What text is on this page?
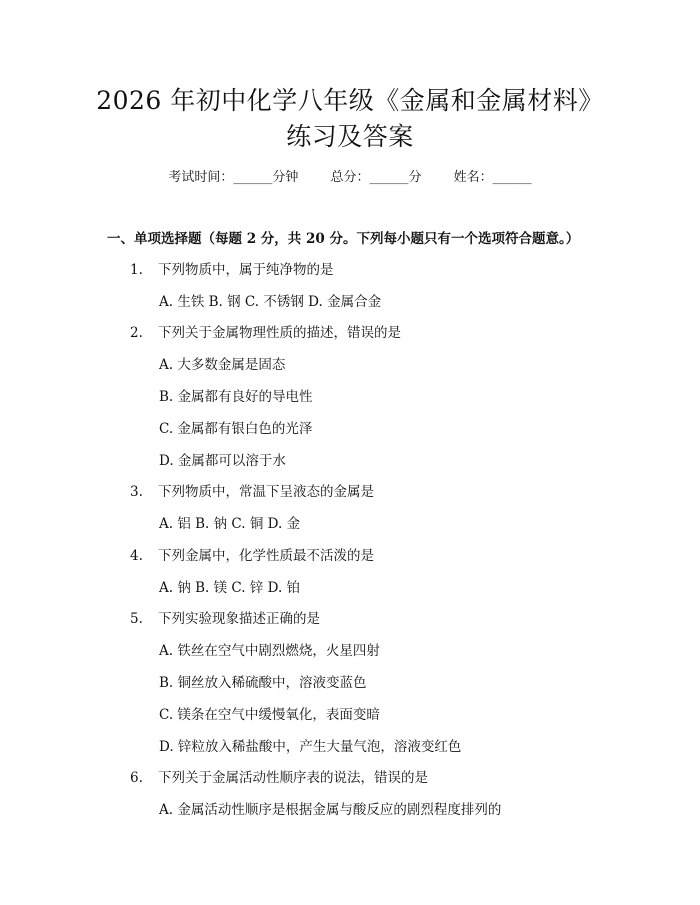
2026 年初中化学八年级《金属和金属材料》
练习及答案
考试时间：______分钟 总分：______分 姓名：______
一、单项选择题（每题 2 分，共 20 分。下列每小题只有一个选项符合题意。）
1. 下列物质中，属于纯净物的是
A. 生铁 B. 钢 C. 不锈钢 D. 金属合金
2. 下列关于金属物理性质的描述，错误的是
A. 大多数金属是固态
B. 金属都有良好的导电性
C. 金属都有银白色的光泽
D. 金属都可以溶于水
3. 下列物质中，常温下呈液态的金属是
A. 铝 B. 钠 C. 铜 D. 金
4. 下列金属中，化学性质最不活泼的是
A. 钠 B. 镁 C. 锌 D. 铂
5. 下列实验现象描述正确的是
A. 铁丝在空气中剧烈燃烧，火星四射
B. 铜丝放入稀硫酸中，溶液变蓝色
C. 镁条在空气中缓慢氧化，表面变暗
D. 锌粒放入稀盐酸中，产生大量气泡，溶液变红色
6. 下列关于金属活动性顺序表的说法，错误的是
A. 金属活动性顺序是根据金属与酸反应的剧烈程度排列的
